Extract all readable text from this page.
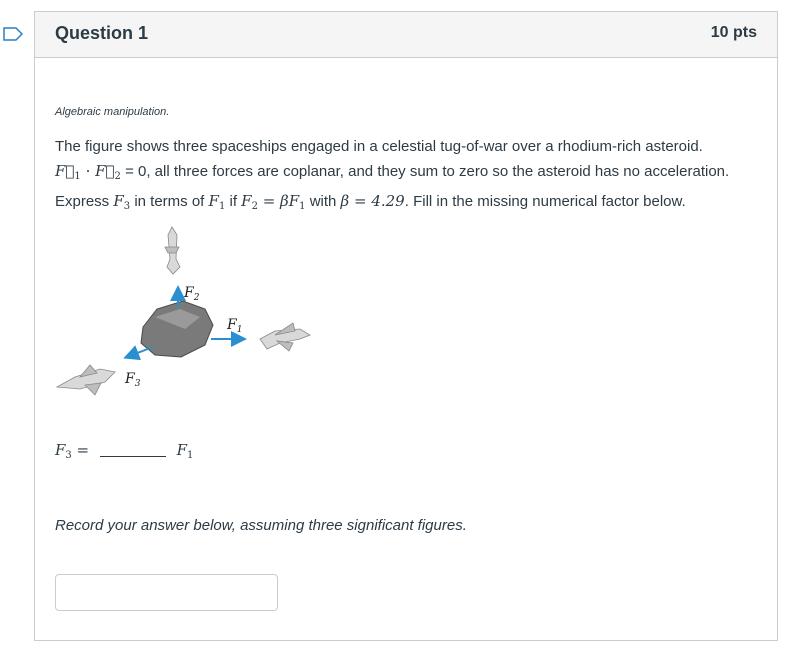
Question 1	10 pts
Algebraic manipulation.

The figure shows three spaceships engaged in a celestial tug-of-war over a rhodium-rich asteroid.

$F⃗_1$ · $F⃗_2 = 0$, all three forces are coplanar, and they sum to zero so the asteroid has no acceleration.

Express $F_3$ in terms of $F_1$ if $F_2 = \beta F_1$ with β = 4.29. Fill in the missing numerical factor below.

$F_2$
$F_1$
$F_3$
$F_3$ =	$F_1$
Record your answer below, assuming three significant figures.
